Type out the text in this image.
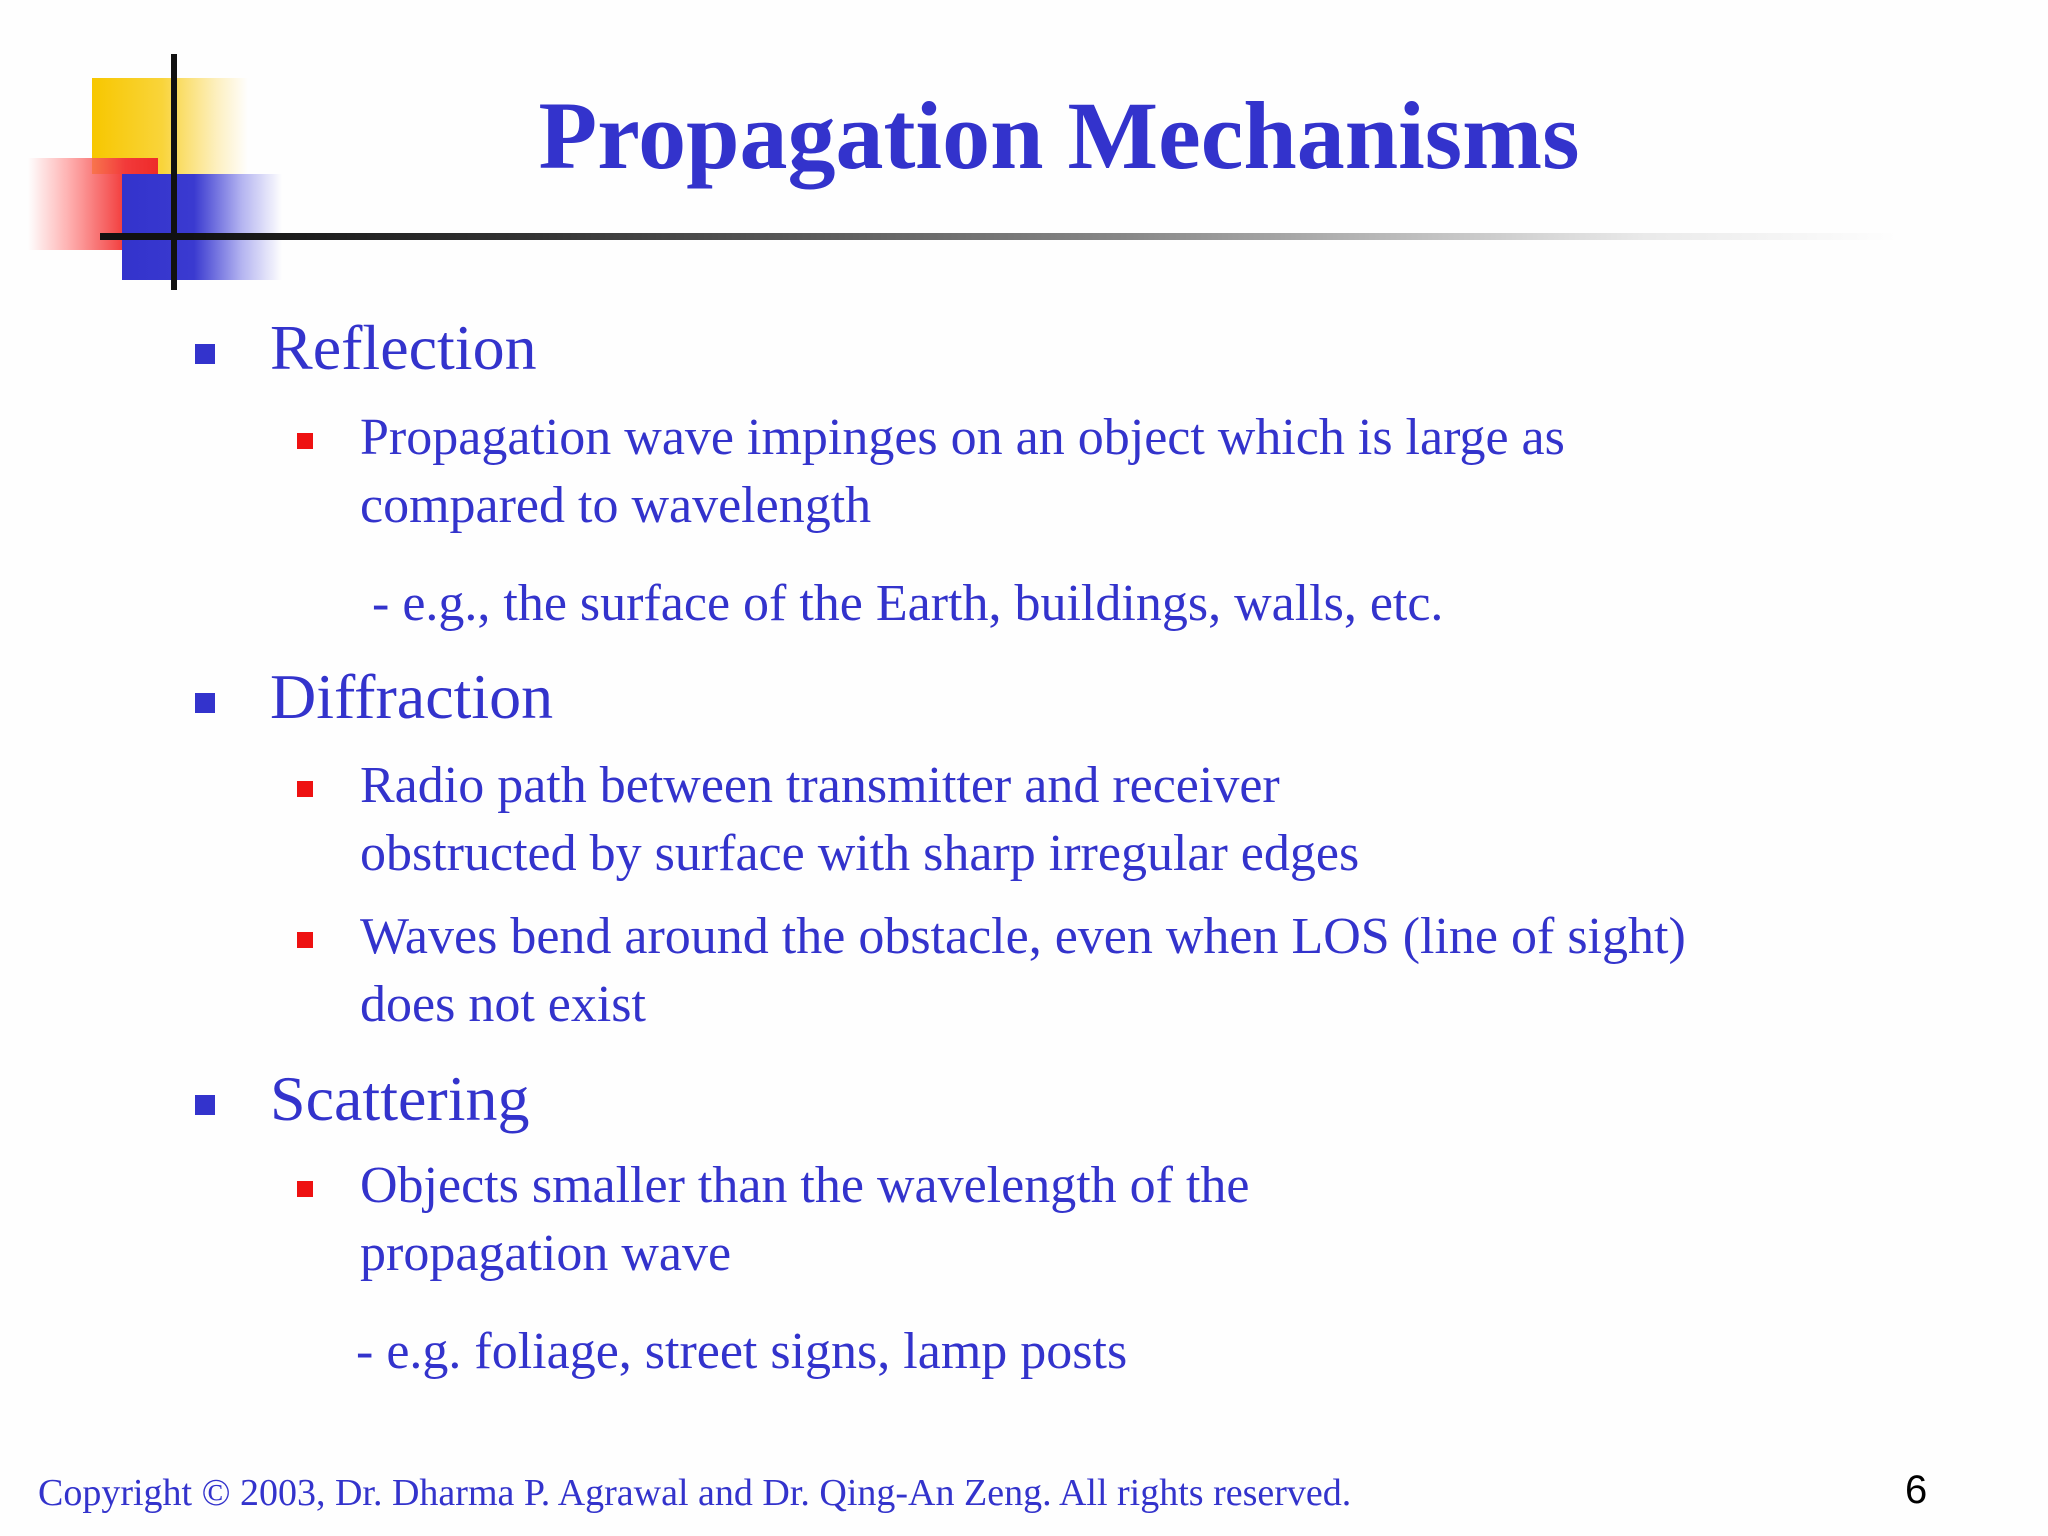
Propagation Mechanisms
Reflection
Propagation wave impinges on an object which is large as
compared to wavelength
- e.g., the surface of the Earth, buildings, walls, etc.
Diffraction
Radio path between transmitter and receiver
obstructed by surface with sharp irregular edges
Waves bend around the obstacle, even when LOS (line of sight)
does not exist
Scattering
Objects smaller than the wavelength of the
propagation wave
- e.g. foliage, street signs, lamp posts
Copyright © 2003, Dr. Dharma P. Agrawal and Dr. Qing-An Zeng. All rights reserved.	6
